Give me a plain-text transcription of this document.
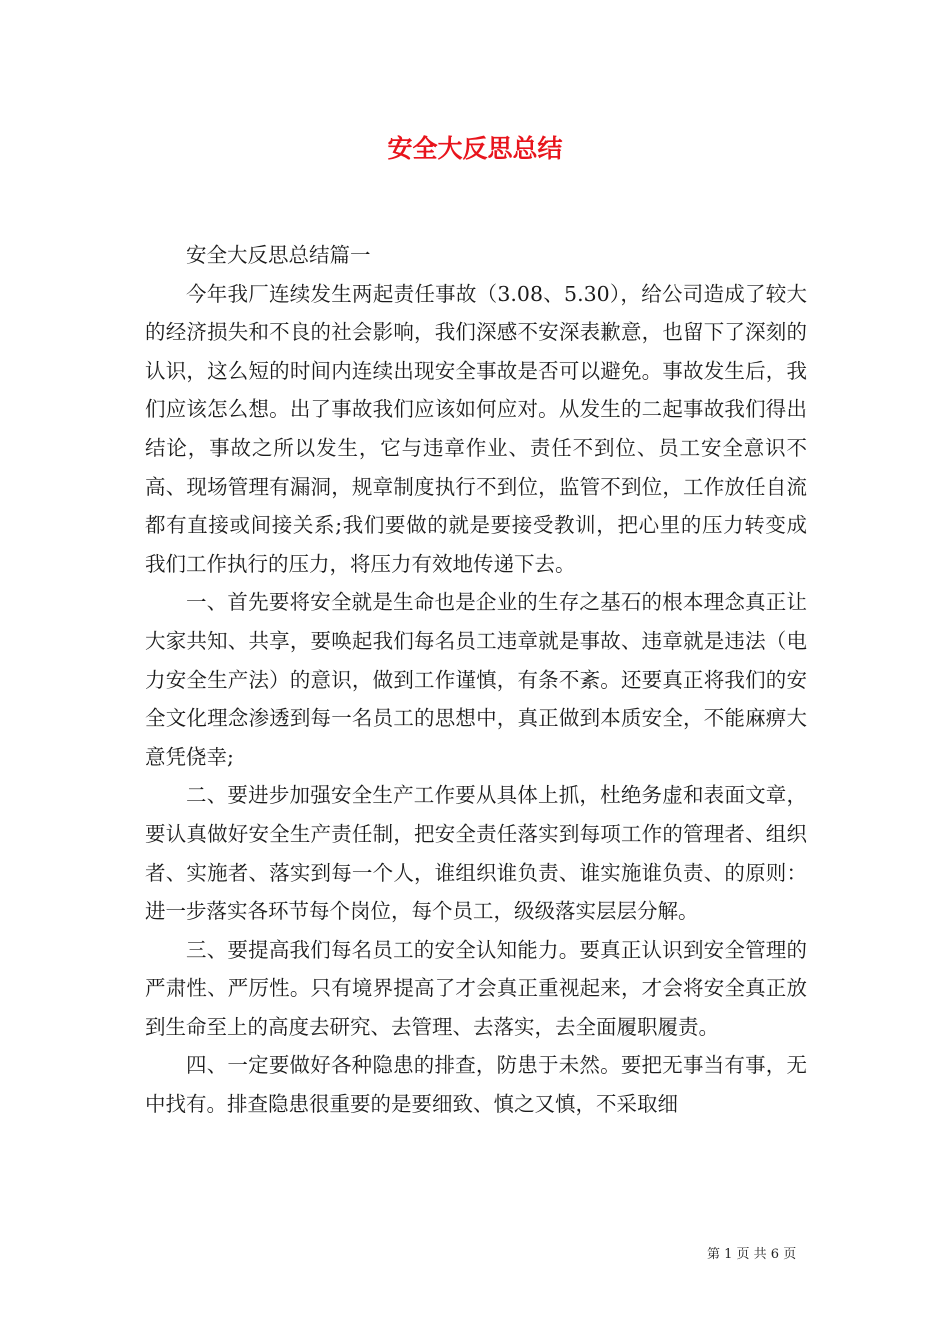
安全大反思总结

安全大反思总结篇一

今年我厂连续发生两起责任事故（3.08、5.30），给公司造成了较大的经济损失和不良的社会影响，我们深感不安深表歉意，也留下了深刻的认识，这么短的时间内连续出现安全事故是否可以避免。事故发生后，我们应该怎么想。出了事故我们应该如何应对。从发生的二起事故我们得出结论，事故之所以发生，它与违章作业、责任不到位、员工安全意识不高、现场管理有漏洞，规章制度执行不到位，监管不到位，工作放任自流都有直接或间接关系;我们要做的就是要接受教训，把心里的压力转变成我们工作执行的压力，将压力有效地传递下去。

一、首先要将安全就是生命也是企业的生存之基石的根本理念真正让大家共知、共享，要唤起我们每名员工违章就是事故、违章就是违法（电力安全生产法）的意识，做到工作谨慎，有条不紊。还要真正将我们的安全文化理念渗透到每一名员工的思想中，真正做到本质安全，不能麻痹大意凭侥幸;

二、要进步加强安全生产工作要从具体上抓，杜绝务虚和表面文章，要认真做好安全生产责任制，把安全责任落实到每项工作的管理者、组织者、实施者、落实到每一个人，谁组织谁负责、谁实施谁负责、的原则：进一步落实各环节每个岗位，每个员工，级级落实层层分解。

三、要提高我们每名员工的安全认知能力。要真正认识到安全管理的严肃性、严厉性。只有境界提高了才会真正重视起来，才会将安全真正放到生命至上的高度去研究、去管理、去落实，去全面履职履责。

四、一定要做好各种隐患的排查，防患于未然。要把无事当有事，无中找有。排查隐患很重要的是要细致、慎之又慎，不采取细

第 1 页 共 6 页
